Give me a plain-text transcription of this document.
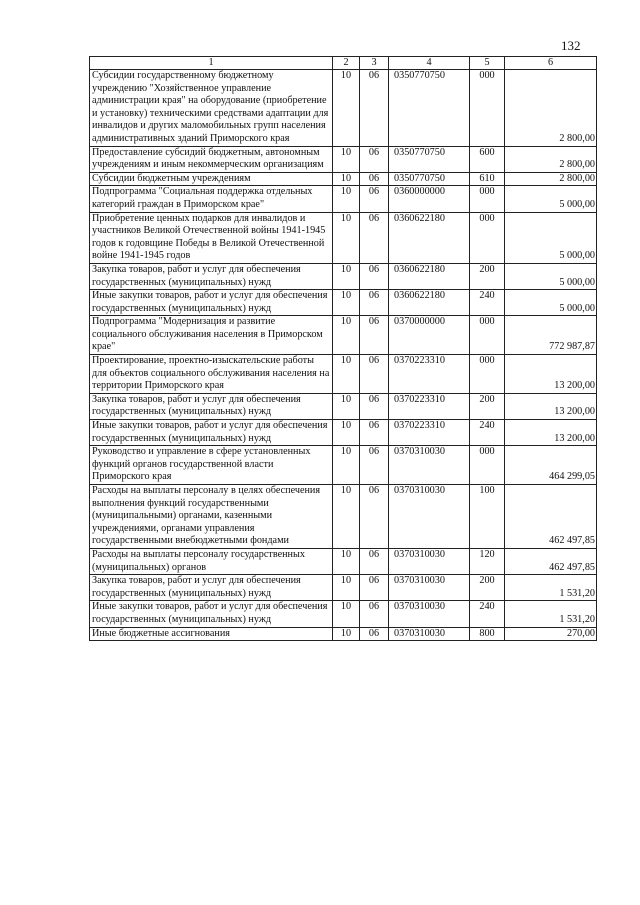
132
1	2	3	4	5	6
Субсидии государственному бюджетному учреждению "Хозяйственное управление администрации края" на оборудование (приобретение и установку) техническими средствами адаптации для инвалидов и других маломобильных групп населения административных зданий Приморского края	10	06	0350770750	000	2 800,00
Предоставление субсидий бюджетным, автономным учреждениям и иным некоммерческим организациям	10	06	0350770750	600	2 800,00
Субсидии бюджетным учреждениям	10	06	0350770750	610	2 800,00
Подпрограмма "Социальная поддержка отдельных категорий граждан в Приморском крае"	10	06	0360000000	000	5 000,00
Приобретение ценных подарков для инвалидов и участников Великой Отечественной войны 1941-1945 годов к годовщине Победы в Великой Отечественной войне 1941-1945 годов	10	06	0360622180	000	5 000,00
Закупка товаров, работ и услуг для обеспечения государственных (муниципальных) нужд	10	06	0360622180	200	5 000,00
Иные закупки товаров, работ и услуг для обеспечения государственных (муниципальных) нужд	10	06	0360622180	240	5 000,00
Подпрограмма "Модернизация и развитие социального обслуживания населения в Приморском крае"	10	06	0370000000	000	772 987,87
Проектирование, проектно-изыскательские работы для объектов социального обслуживания населения на территории Приморского края	10	06	0370223310	000	13 200,00
Закупка товаров, работ и услуг для обеспечения государственных (муниципальных) нужд	10	06	0370223310	200	13 200,00
Иные закупки товаров, работ и услуг для обеспечения государственных (муниципальных) нужд	10	06	0370223310	240	13 200,00
Руководство и управление в сфере установленных функций органов государственной власти Приморского края	10	06	0370310030	000	464 299,05
Расходы на выплаты персоналу в целях обеспечения выполнения функций государственными (муниципальными) органами, казенными учреждениями, органами управления государственными внебюджетными фондами	10	06	0370310030	100	462 497,85
Расходы на выплаты персоналу государственных (муниципальных) органов	10	06	0370310030	120	462 497,85
Закупка товаров, работ и услуг для обеспечения государственных (муниципальных) нужд	10	06	0370310030	200	1 531,20
Иные закупки товаров, работ и услуг для обеспечения государственных (муниципальных) нужд	10	06	0370310030	240	1 531,20
Иные бюджетные ассигнования	10	06	0370310030	800	270,00
